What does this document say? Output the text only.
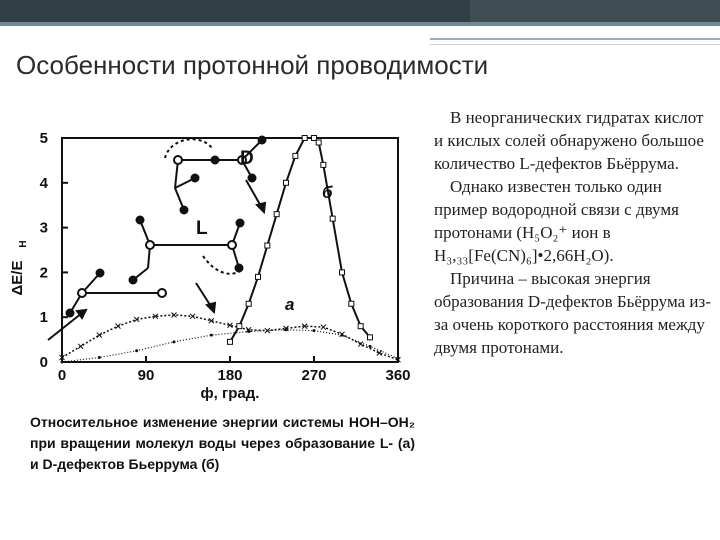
Особенности протонной проводимости
0	90	180	270	360
0
1
2
3
4
5
ф, град.
ΔE/E
H
D
L
a
б
Относительное изменение энергии системы HOH–OH₂ при вращении молекул воды через образование L- (а) и D-дефектов Бьеррума (б)

В неорганических гидратах кислот и кислых солей обнаружено большое количество L-дефектов Бьёррума.

Однако известен только один пример водородной связи с двумя протонами (H₅O₂⁺ ион в H₃,₃₃[Fe(CN)₆]•2,66H₂O).

Причина – высокая энергия образования D-дефектов Бьёррума из-за очень короткого расстояния между двумя протонами.
